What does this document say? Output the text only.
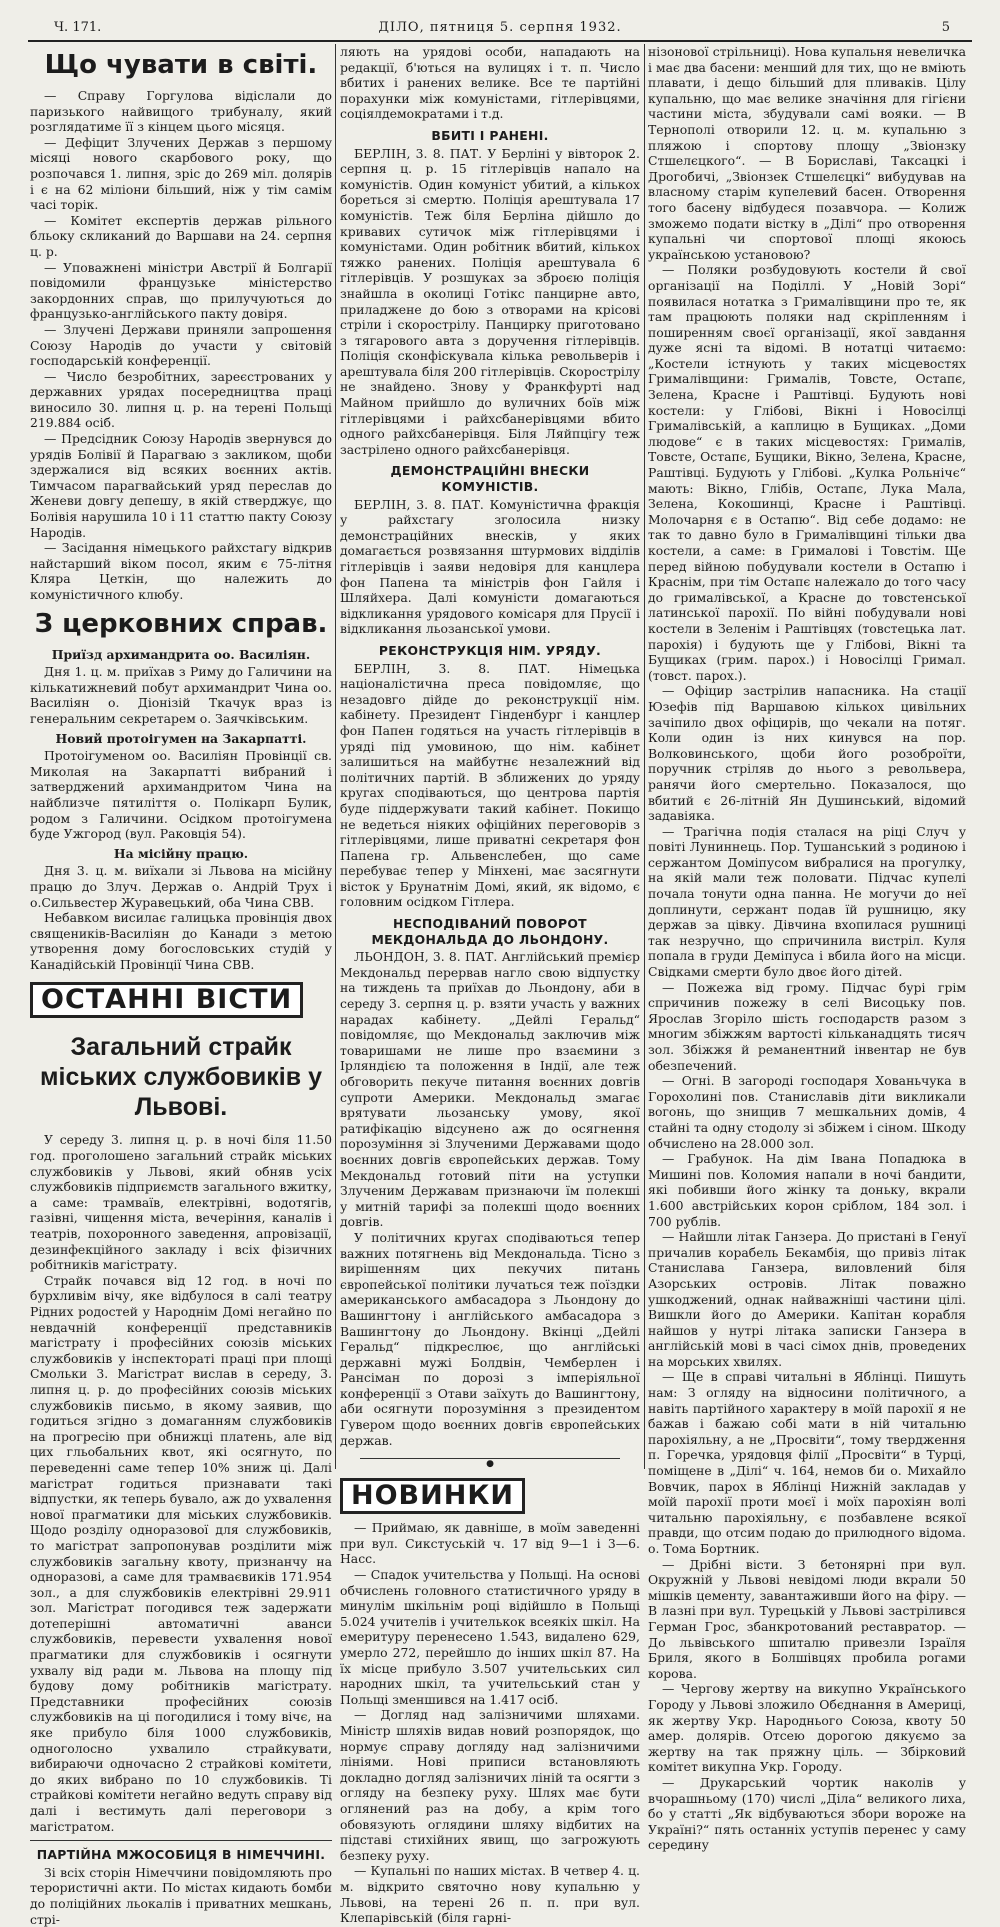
Ч. 171.	ДІЛО, пятниця 5. серпня 1932.	5
Що чувати в світі.

— Справу Горгулова відіслали до паризького найвищого трибуналу, який розглядатиме її з кінцем цього місяця.

— Дефіцит Злучених Держав з першому місяці нового скарбового року, що розпочався 1. липня, зріс до 269 міл. долярів і є на 62 міліони більший, ніж у тім самім часі торік.

— Комітет експертів держав рільного бльоку скликаний до Варшави на 24. серпня ц. р.

— Уповажнені міністри Австрії й Болгарії повідомили французьке міністерство закордонних справ, що прилучуються до французько-англійського пакту довіря.

— Злучені Держави приняли запрошення Союзу Народів до участи у світовій господарській конференції.

— Число безробітних, зареєстрованих у державних урядах посередництва праці виносило 30. липня ц. р. на терені Польщі 219.884 осіб.

— Предсідник Союзу Народів звернувся до урядів Болівії й Парагваю з закликом, щоби здержалися від всяких воєнних актів. Тимчасом парагвайський уряд переслав до Женеви довгу депешу, в якій стверджує, що Болівія нарушила 10 і 11 статтю пакту Союзу Народів.

— Засідання німецького райхстагу відкрив найстарший віком посол, яким є 75-літня Кляра Цеткін, що належить до комуністичного клюбу.

З церковних справ.
Приїзд архимандрита оо. Василіян.

Дня 1. ц. м. приїхав з Риму до Галичини на кількатижневий побут архимандрит Чина оо. Василіян о. Діонізій Ткачук враз із генеральним секретарем о. Заячківським.

Новий протоігумен на Закарпатті.

Протоігуменом оо. Василіян Провінції св. Миколая на Закарпатті вибраний і затверджений архимандритом Чина на найблизче пятиліття о. Полікарп Булик, родом з Галичини. Осідком протоігумена буде Ужгород (вул. Раковція 54).

На місійну працю.

Дня 3. ц. м. виїхали зі Львова на місійну працю до Злуч. Держав о. Андрій Трух і о.Сильвестер Журавецький, оба Чина СВВ.

Небавком висилає галицька провінція двох священиків-Василіян до Канади з метою утворення дому богословських студій у Канадійській Провінції Чина СВВ.

ОСТАННІ ВІСТИ
Загальний страйк міських службовиків у Львові.

У середу 3. липня ц. р. в ночі біля 11.50 год. проголошено загальний страйк міських службовиків у Львові, який обняв усіх службовиків підприємств загального вжитку, а саме: трамваїв, електрівні, водотягів, газівні, чищення міста, вечеріння, каналів і театрів, похоронного заведення, апровізації, дезинфекційного закладу і всіх фізичних робітників магістрату.

Страйк почався від 12 год. в ночі по бурхливім вічу, яке відбулося в салі театру Рідних родостей у Народнім Домі негайно по невдачній конференції представників магістрату і професійних союзів міських службовиків у інспектораті праці при площі Смольки 3. Магістрат вислав в середу, 3. липня ц. р. до професійних союзів міських службовиків письмо, в якому заявив, що годиться згідно з домаганням службовиків на прогресію при обнижці платень, але від цих гльобальних квот, які осягнуто, по переведенні саме тепер 10% зниж ці. Далі магістрат годиться признавати такі відпустки, як теперь бувало, аж до ухвалення нової прагматики для міських службовиків. Щодо розділу одноразової для службовиків, то магістрат запропонував розділити між службовиків загальну квоту, признанчу на одноразові, а саме для трамваєвиків 171.954 зол., а для службовиків електрівні 29.911 зол. Магістрат погодився теж задержати дотеперішні автоматичні аванси службовиків, перевести ухвалення нової прагматики для службовиків і осягнути ухвалу від ради м. Львова на площу під будову дому робітників магістрату. Представники професійних союзів службовиків на ці погодилися і тому вічє, на яке прибуло біля 1000 службовиків, одноголосно ухвалило страйкувати, вибираючи одночасно 2 страйкові комітети, до яких вибрано по 10 службовиків. Ті страйкові комітети негайно ведуть справу від далі і вестимуть далі переговори з магістратом.

ПАРТІЙНА МЖОСОБИЦЯ В НІМЕЧЧИНІ.

Зі всіх сторін Німеччини повідомляють про терористичні акти. По містах кидають бомби до поліційних льокалів і приватних мешкань, стрі-

ляють на урядові особи, нападають на редакції, б'ються на вулицях і т. п. Число вбитих і ранених велике. Все те партійні порахунки між комуністами, гітлерівцями, соціялдемократами і т.д.

ВБИТІ І РАНЕНІ.

БЕРЛІН, 3. 8. ПАТ. У Берліні у вівторок 2. серпня ц. р. 15 гітлерівців напало на комуністів. Один комуніст убитий, а кількох бореться зі смертю. Поліція арештувала 17 комуністів. Теж біля Берліна дійшло до кривавих сутичок між гітлерівцями і комуністами. Один робітник вбитий, кількох тяжко ранених. Поліція арештувала 6 гітлерівців. У розшуках за зброєю поліція знайшла в околиці Готікс панцирне авто, приладжене до бою з отворами на крісові стріли і скорострілу. Панцирку приготовано з тягарового авта з доручення гітлерівців. Поліція сконфіскувала кілька револьверів і арештувала біля 200 гітлерівців. Скорострілу не знайдено. Знову у Франкфурті над Майном прийшло до вуличних боїв між гітлерівцями і райхсбанерівцями вбито одного райхсбанерівця. Біля Ляйпцігу теж застрілено одного райхсбанерівця.

ДЕМОНСТРАЦІЙНІ ВНЕСКИ КОМУНІСТІВ.

БЕРЛІН, 3. 8. ПАТ. Комуністична фракція у райхстагу зголосила низку демонстраційних внесків, у яких домагається розвязання штурмових відділів гітлерівців і заяви недовіря для канцлера фон Папена та міністрів фон Гайля і Шляйхера. Далі комуністи домагаються відкликання урядового комісаря для Прусії і відкликання льозанської умови.

РЕКОНСТРУКЦІЯ НІМ. УРЯДУ.

БЕРЛІН, 3. 8. ПАТ. Німецька націоналістична преса повідомляє, що незадовго дійде до реконструкції нім. кабінету. Президент Гінденбург і канцлер фон Папен годяться на участь гітлерівців в уряді під умовиною, що нім. кабінет залишиться на майбутнє незалежний від політичних партій. В зближених до уряду кругах сподіваються, що центрова партія буде піддержувати такий кабінет. Покищо не ведеться ніяких офіційних переговорів з гітлерівцями, лише приватні секретаря фон Папена гр. Альвенслебен, що саме перебуває тепер у Мінхені, має засягнути вісток у Брунатнім Домі, який, як відомо, є головним осідком Гітлера.

НЕСПОДІВАНИЙ ПОВОРОТ МЕКДОНАЛЬДА ДО ЛЬОНДОНУ.

ЛЬОНДОН, 3. 8. ПАТ. Англійський премієр Мекдональд перервав нагло свою відпустку на тиждень та приїхав до Льондону, аби в середу 3. серпня ц. р. взяти участь у важних нарадах кабінету. „Дейлі Геральд“ повідомляє, що Мекдональд заключив між товаришами не лише про взаємини з Ірляндією та положення в Індії, але теж обговорить пекуче питання воєнних довгів супроти Америки. Мекдональд змагає врятувати льозанську умову, якої ратифікацію відсунено аж до осягнення порозуміння зі Злученими Державами щодо воєнних довгів європейських держав. Тому Мекдональд готовий піти на уступки Злученим Державам признаючи їм полекші у митній тарифі за полекші щодо воєнних довгів.

У політичних кругах сподіваються тепер важних потягнень від Мекдональда. Тісно з вирішенням цих пекучих питань європейської політики лучаться теж поїздки американського амбасадора з Льондону до Вашингтону і англійського амбасадора з Вашингтону до Льондону. Вкінці „Дейлі Геральд“ підкреслює, що англійські державні мужі Болдвін, Чемберлен і Рансіман по дорозі з імперіяльної конференції з Отави заїхуть до Вашингтону, аби осягнути порозуміння з президентом Гувером щодо воєнних довгів європейських держав.

●
НОВИНКИ

— Приймаю, як давніше, в моїм заведенні при вул. Сикстуській ч. 17 від 9—1 і 3—6. Насс.

— Спадок учительства у Польщі. На основі обчислень головного статистичного уряду в минулім шкільнім році відійшло в Польщі 5.024 учителів і учителькок всеякіх шкіл. На емеритуру перенесено 1.543, видалено 629, умерло 272, перейшло до інших шкіл 87. На їх місце прибуло 3.507 учительських сил народних шкіл, та учительський стан у Польщі зменшився на 1.417 осіб.

— Догляд над залізничими шляхами. Міністр шляхів видав новий розпорядок, що нормує справу догляду над залізничими лініями. Нові приписи встановляють докладно догляд залізничих ліній та осягти з огляду на безпеку руху. Шлях має бути оглянений раз на добу, а крім того обовязують оглядини шляху відбитих на підставі стихійних явищ, що загрожують безпеку руху.

— Купальні по наших містах. В четвер 4. ц. м. відкрито святочно нову купальню у Львові, на терені 26 п. п. при вул. Клепарівській (біля гарні-

нізонової стрільниці). Нова купальня невеличка і має два басени: менший для тих, що не вміють плавати, і дещо більший для пливаків. Цілу купальню, що має велике значіння для гігієни частини міста, збудували самі вояки. — В Тернополі отворили 12. ц. м. купальню з пляжою і спортову площу „Звіонзку Стшелєцкого“. — В Бориславі, Таксацкі і Дрогобичі, „Звіонзек Стшелєцкі“ вибудував на власному старім купелевий басен. Отворення того басену відбудеся позавчора. — Колиж зможемо подати вістку в „Ділі“ про отворення купальні чи спортової площі якоюсь українською установою?

— Поляки розбудовують костели й свої організації на Поділлі. У „Новій Зорі“ появилася нотатка з Грималівщини про те, як там працюють поляки над скріпленням і поширенням своєї організації, якої завдання дуже ясні та відомі. В нотатці читаємо: „Костели істнують у таких місцевостях Грималівщини: Грималів, Товсте, Остапє, Зелена, Красне і Раштівці. Будують нові костели: у Глібові, Вікні і Новосілці Грималівській, а каплицю в Бущиках. „Доми людове“ є в таких місцевостях: Грималів, Товсте, Остапє, Бущики, Вікно, Зелена, Красне, Раштівці. Будують у Глібові. „Кулка Рольнічє“ мають: Вікно, Глібів, Остапє, Лука Мала, Зелена, Кокошинці, Красне і Раштівці. Молочарня є в Остапю“. Від себе додамо: не так то давно було в Грималівщині тільки два костели, а саме: в Грималові і Товстім. Ще перед війною побудували костели в Остапю і Краснім, при тім Остапє належало до того часу до грималівської, а Красне до товстенської латинської парохії. По війні побудували нові костели в Зеленім і Раштівцях (товстецька лат. парохія) і будують ще у Глібові, Вікні та Бущиках (грим. парох.) і Новосілці Гримал. (товст. парох.).

— Офіцир застрілив напасника. На стації Юзефів під Варшавою кількох цивільних зачіпило двох офіцирів, що чекали на потяг. Коли один із них кинувся на пор. Волковинського, щоби його розоброїти, поручник стріляв до нього з револьвера, ранячи його смертельно. Показалося, що вбитий є 26-літній Ян Душинський, відомий задавіяка.

— Трагічна подія сталася на ріці Случ у повіті Луниннець. Пор. Тушанський з родиною і сержантом Доміпусом вибралися на прогулку, на якій мали теж половати. Підчас купелі почала тонути одна панна. Не могучи до неї доплинути, сержант подав їй рушницю, яку держав за цівку. Дівчина вхопилася рушниці так незручно, що спричинила вистріл. Куля попала в груди Деміпуса і вбила його на місци. Свідками смерти було двоє його дітей.

— Пожежа від грому. Підчас бурі грім спричинив пожежу в селі Висоцьку пов. Ярослав Згоріло шість господарств разом з многим збіжжям вартості кільканадцять тисяч зол. Збіжжя й реманентний інвентар не був обезпечений.

— Огні. В загороді господаря Хованьчука в Горохолині пов. Станиславів діти викликали вогонь, що знищив 7 мешкальних домів, 4 стайні та одну стодолу зі збіжем і сіном. Шкоду обчислено на 28.000 зол.

— Грабунок. На дім Івана Попадюка в Мишині пов. Коломия напали в ночі бандити, які побивши його жінку та доньку, вкрали 1.600 австрійських корон сріблом, 184 зол. і 700 рублів.

— Найшли літак Ганзера. До пристані в Генуї причалив корабель Бекамбія, що привіз літак Станислава Ганзера, виловлений біля Азорських островів. Літак поважно ушкоджений, однак найважніші частини цілі. Вишкли його до Америки. Капітан корабля найшов у нутрі літака записки Ганзера в англійській мові в часі сімох днів, проведених на морських хвилях.

— Ще в справі читальні в Яблінці. Пишуть нам: З огляду на відносини політичного, а навіть партійного характеру в моїй парохії я не бажав і бажаю собі мати в ній читальню парохіяльну, а не „Просвіти“, тому твердження п. Горечка, урядовця філії „Просвіти“ в Турці, поміщене в „Ділі“ ч. 164, немов би о. Михайло Вовчик, парох в Яблінці Нижній закладав у моїй парохії проти моєї і моїх парохіян волі читальню парохіяльну, є позбавлене всякої правди, що отсим подаю до прилюдного відома. о. Тома Бортник.

— Дрібні вісти. З бетонярні при вул. Окружній у Львові невідомі люди вкрали 50 мішків цементу, завантаживши його на фіру. — В лазні при вул. Турецькій у Львові застрілився Герман Грос, збанкротований реставратор. — До львівського шпиталю привезли Ізраїля Бриля, якого в Болшівцях пробила рогами корова.

— Чергову жертву на викупно Українського Городу у Львові зложило Обєднання в Америці, як жертву Укр. Народнього Союза, квоту 50 амер. долярів. Отсею дорогою дякуємо за жертву на так пряжну ціль. — Збірковий комітет викупна Укр. Городу.

— Друкарський чортик наколів у вчорашньому (170) числі „Діла“ великого лиха, бо у статті „Як відбуваються збори вороже на Україні?“ пять останніх уступів перенес у саму середину
